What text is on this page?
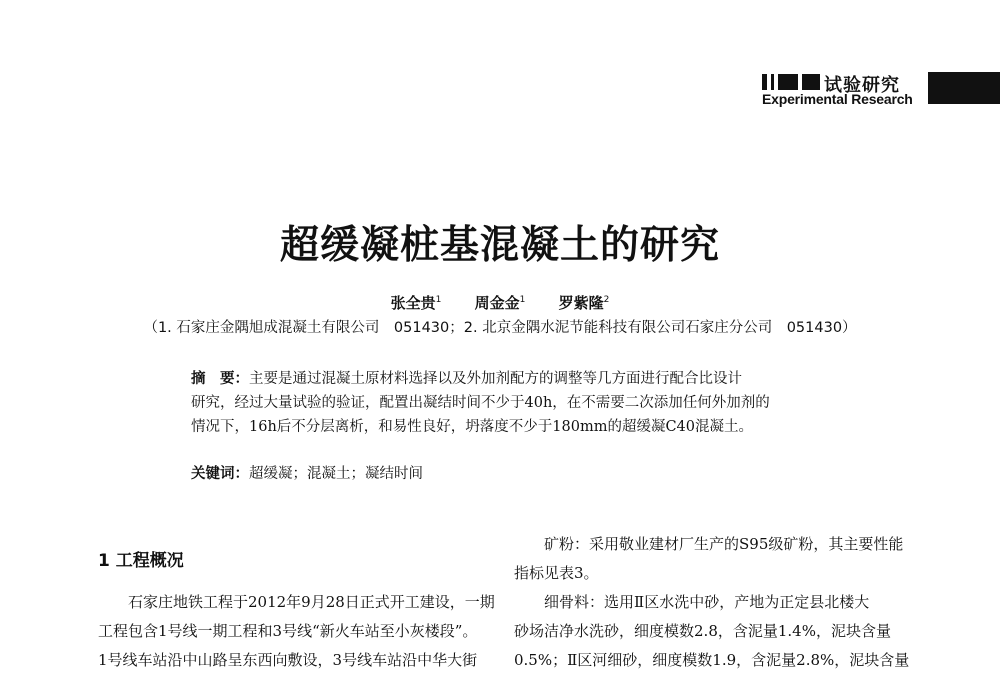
试验研究
Experimental Research
超缓凝桩基混凝土的研究
张全贵$^1$ 周金金$^1$ 罗紫隆$^2$
（1. 石家庄金隅旭成混凝土有限公司　051430；2. 北京金隅水泥节能科技有限公司石家庄分公司　051430）
摘　要：主要是通过混凝土原材料选择以及外加剂配方的调整等几方面进行配合比设计
研究，经过大量试验的验证，配置出凝结时间不少于40h，在不需要二次添加任何外加剂的
情况下，16h后不分层离析，和易性良好，坍落度不少于180mm的超缓凝C40混凝土。
关键词：超缓凝；混凝土；凝结时间
1 工程概况
石家庄地铁工程于2012年9月28日正式开工建设，一期
工程包含1号线一期工程和3号线“新火车站至小灰楼段”。
1号线车站沿中山路呈东西向敷设，3号线车站沿中华大街
矿粉：采用敬业建材厂生产的S95级矿粉，其主要性能
指标见表3。
细骨料：选用Ⅱ区水洗中砂，产地为正定县北楼大
砂场洁净水洗砂，细度模数2.8，含泥量1.4%，泥块含量
0.5%；Ⅱ区河细砂，细度模数1.9，含泥量2.8%，泥块含量
